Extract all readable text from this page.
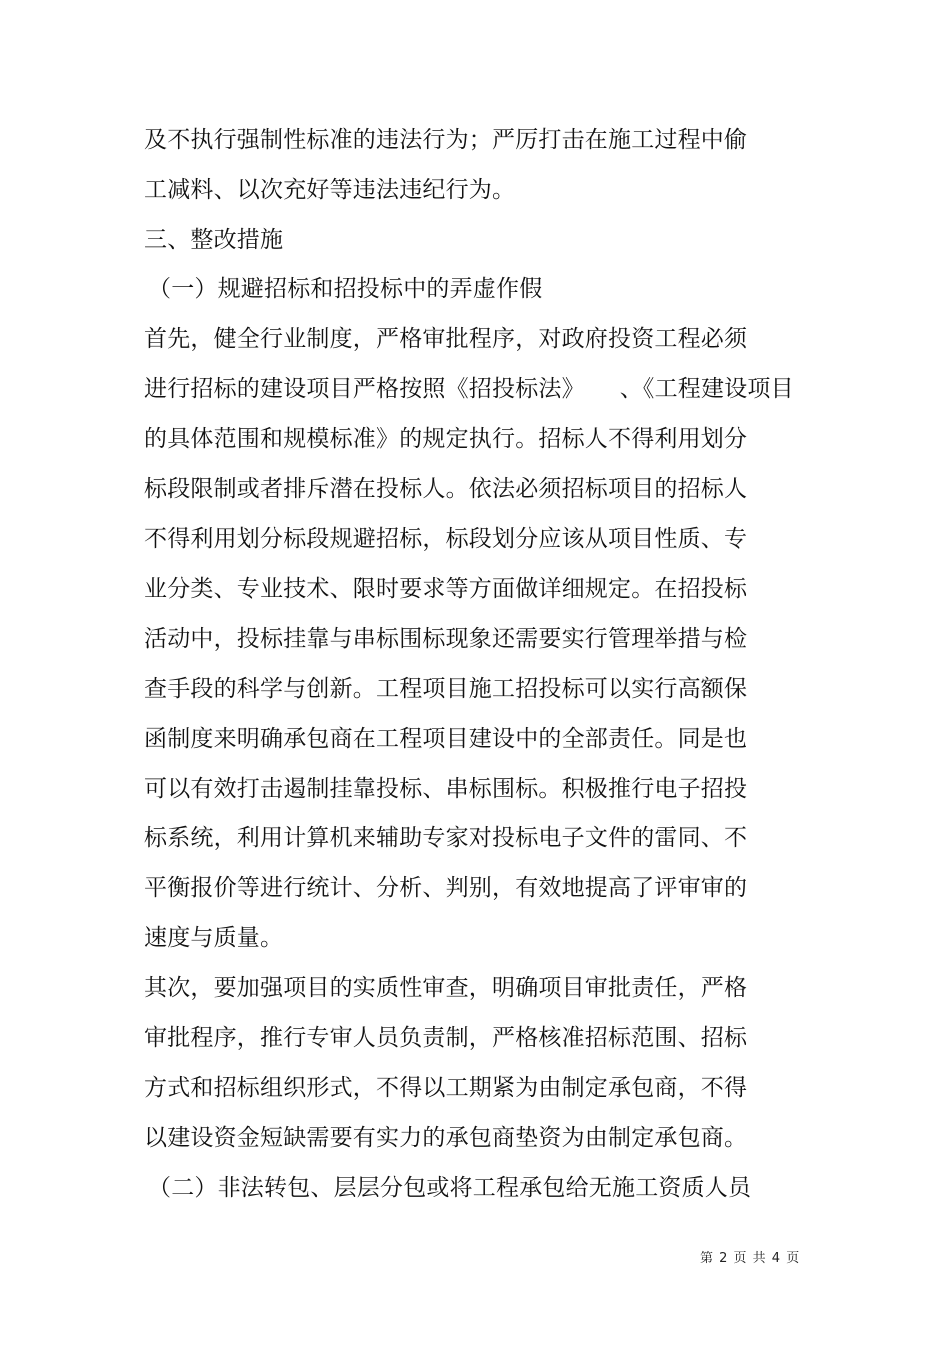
及不执行强制性标准的违法行为；严厉打击在施工过程中偷
工减料、以次充好等违法违纪行为。
三、整改措施
（一）规避招标和招投标中的弄虚作假
首先，健全行业制度，严格审批程序，对政府投资工程必须
进行招标的建设项目严格按照《招投标法》　　、《工程建设项目
的具体范围和规模标准》的规定执行。招标人不得利用划分
标段限制或者排斥潜在投标人。依法必须招标项目的招标人
不得利用划分标段规避招标，标段划分应该从项目性质、专
业分类、专业技术、限时要求等方面做详细规定。在招投标
活动中，投标挂靠与串标围标现象还需要实行管理举措与检
查手段的科学与创新。工程项目施工招投标可以实行高额保
函制度来明确承包商在工程项目建设中的全部责任。同是也
可以有效打击遏制挂靠投标、串标围标。积极推行电子招投
标系统，利用计算机来辅助专家对投标电子文件的雷同、不
平衡报价等进行统计、分析、判别，有效地提高了评审审的
速度与质量。
其次，要加强项目的实质性审查，明确项目审批责任，严格
审批程序，推行专审人员负责制，严格核准招标范围、招标
方式和招标组织形式，不得以工期紧为由制定承包商，不得
以建设资金短缺需要有实力的承包商垫资为由制定承包商。
（二）非法转包、层层分包或将工程承包给无施工资质人员
第 2 页 共 4 页
